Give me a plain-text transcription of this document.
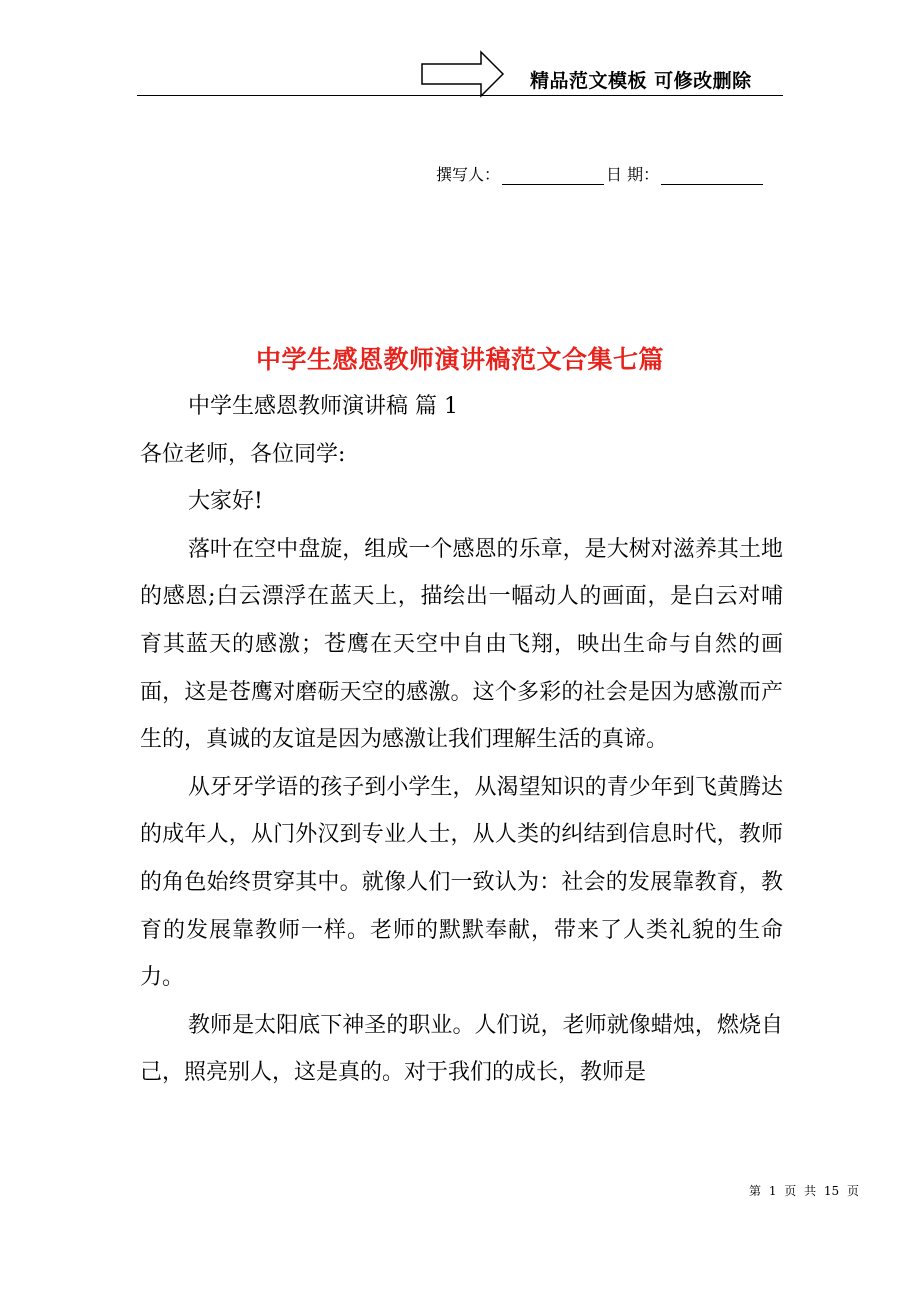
精品范文模板 可修改删除
撰写人：	日 期：
中学生感恩教师演讲稿范文合集七篇

中学生感恩教师演讲稿 篇 1

各位老师，各位同学:

大家好!

落叶在空中盘旋，组成一个感恩的乐章，是大树对滋养其土地的感恩;白云漂浮在蓝天上，描绘出一幅动人的画面，是白云对哺育其蓝天的感激；苍鹰在天空中自由飞翔，映出生命与自然的画面，这是苍鹰对磨砺天空的感激。这个多彩的社会是因为感激而产生的，真诚的友谊是因为感激让我们理解生活的真谛。

从牙牙学语的孩子到小学生，从渴望知识的青少年到飞黄腾达的成年人，从门外汉到专业人士，从人类的纠结到信息时代，教师的角色始终贯穿其中。就像人们一致认为：社会的发展靠教育，教育的发展靠教师一样。老师的默默奉献，带来了人类礼貌的生命力。

教师是太阳底下神圣的职业。人们说，老师就像蜡烛，燃烧自己，照亮别人，这是真的。对于我们的成长，教师是

第 1 页 共 15 页
